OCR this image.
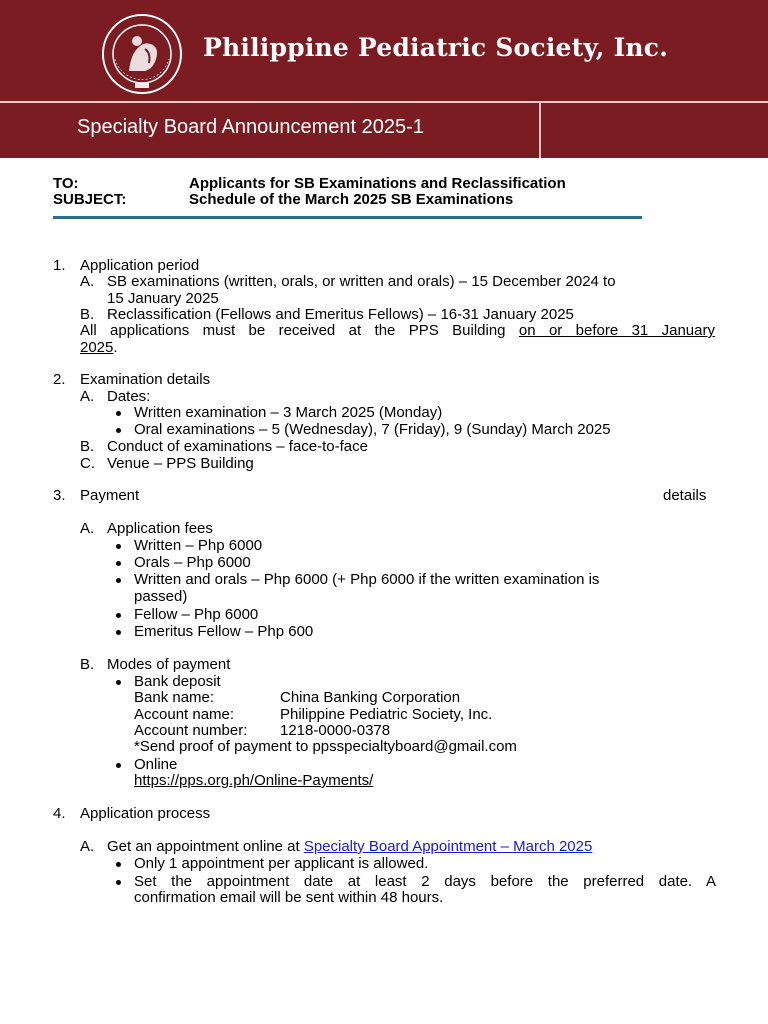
Philippine Pediatric Society, Inc.
Specialty Board Announcement 2025-1
TO:	Applicants for SB Examinations and Reclassification
SUBJECT:	Schedule of the March 2025 SB Examinations
1. Application period
A. SB examinations (written, orals, or written and orals) – 15 December 2024 to
15 January 2025
B. Reclassification (Fellows and Emeritus Fellows) – 16-31 January 2025
All applications must be received at the PPS Building on or before 31 January
2025.
2. Examination details
A. Dates:
Written examination – 3 March 2025 (Monday)
Oral examinations – 5 (Wednesday), 7 (Friday), 9 (Sunday) March 2025
B. Conduct of examinations – face-to-face
C. Venue – PPS Building
3. Payment	details
A. Application fees
Written – Php 6000
Orals – Php 6000
Written and orals – Php 6000 (+ Php 6000 if the written examination is
passed)
Fellow – Php 6000
Emeritus Fellow – Php 600
B. Modes of payment
Bank deposit
Bank name:	China Banking Corporation
Account name:	Philippine Pediatric Society, Inc.
Account number: 1218-0000-0378
*Send proof of payment to ppsspecialtyboard@gmail.com
Online
https://pps.org.ph/Online-Payments/
4. Application process
A. Get an appointment online at Specialty Board Appointment – March 2025
Only 1 appointment per applicant is allowed.
Set the appointment date at least 2 days before the preferred date. A
confirmation email will be sent within 48 hours.
